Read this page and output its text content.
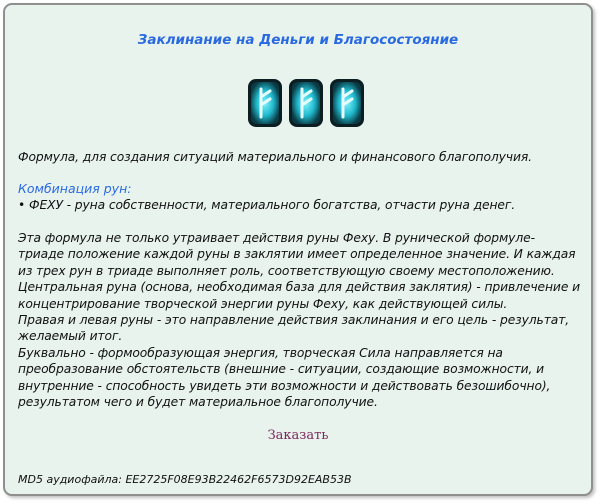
Заклинание на Деньги и Благосостояние
Формула, для создания ситуаций материального и финансового благополучия.
Комбинация рун:
• ФЕХУ - руна собственности, материального богатства, отчасти руна денег.
Эта формула не только утраивает действия руны Феху. В рунической формуле-
триаде положение каждой руны в заклятии имеет определенное значение. И каждая
из трех рун в триаде выполняет роль, соответствующую своему местоположению.
Центральная руна (основа, необходимая база для действия заклятия) - привлечение и
концентрирование творческой энергии руны Феху, как действующей силы.
Правая и левая руны - это направление действия заклинания и его цель - результат,
желаемый итог.
Буквально - формообразующая энергия, творческая Сила направляется на
преобразование обстоятельств (внешние - ситуации, создающие возможности, и
внутренние - способность увидеть эти возможности и действовать безошибочно),
результатом чего и будет материальное благополучие.
Заказать
MD5 аудиофайла: EE2725F08E93B22462F6573D92EAB53B
